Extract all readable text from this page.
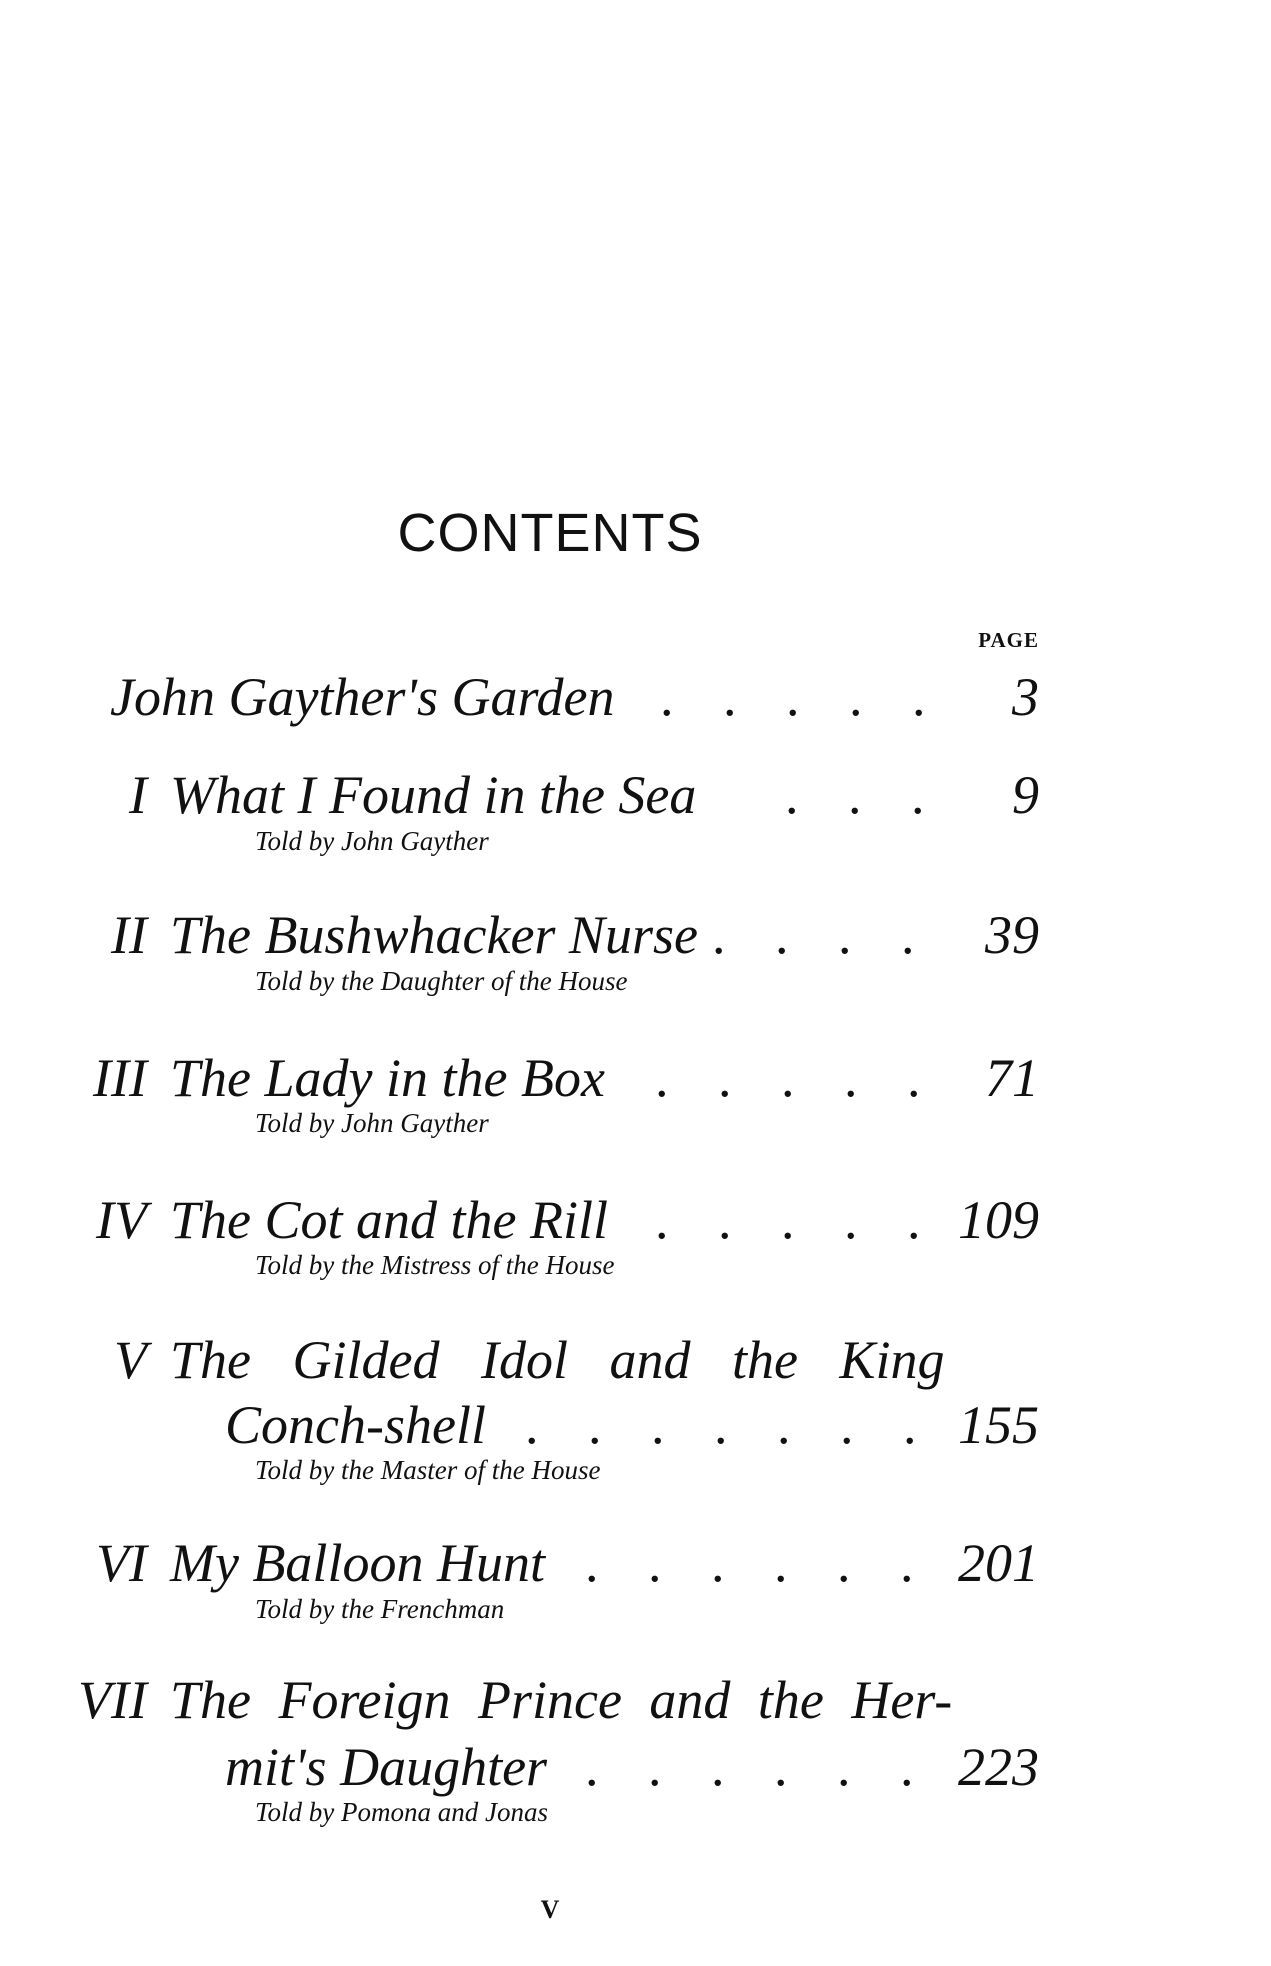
CONTENTS
PAGE
John Gayther's Garden . . . . . 3
I What I Found in the Sea . . . 9
Told by John Gayther
II The Bushwhacker Nurse . . . . 39
Told by the Daughter of the House
III The Lady in the Box . . . . . 71
Told by John Gayther
IV The Cot and the Rill . . . . . 109
Told by the Mistress of the House
V The Gilded Idol and the King
Conch-shell . . . . . . . 155
Told by the Master of the House
VI My Balloon Hunt . . . . . . 201
Told by the Frenchman
VII The Foreign Prince and the Her-
mit's Daughter . . . . . . 223
Told by Pomona and Jonas
V
